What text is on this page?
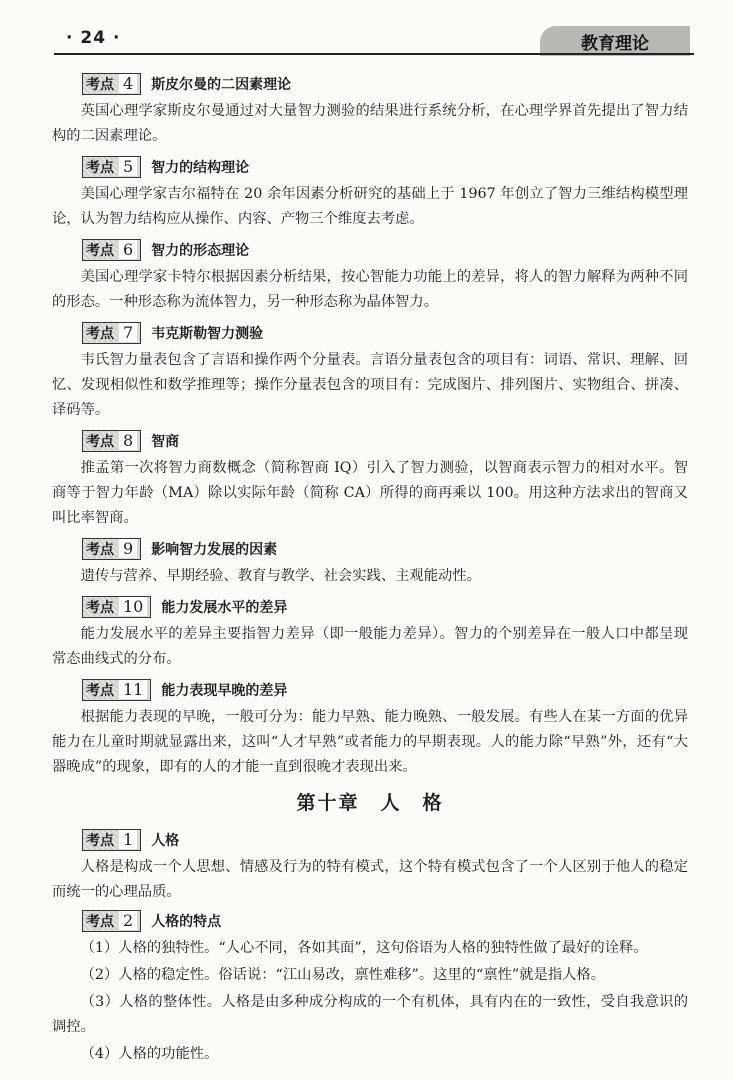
· 24 ·	教育理论
考点 4 斯皮尔曼的二因素理论

英国心理学家斯皮尔曼通过对大量智力测验的结果进行系统分析，在心理学界首先提出了智力结构的二因素理论。

考点 5 智力的结构理论

美国心理学家吉尔福特在 20 余年因素分析研究的基础上于 1967 年创立了智力三维结构模型理论，认为智力结构应从操作、内容、产物三个维度去考虑。

考点 6 智力的形态理论

美国心理学家卡特尔根据因素分析结果，按心智能力功能上的差异，将人的智力解释为两种不同的形态。一种形态称为流体智力，另一种形态称为晶体智力。

考点 7 韦克斯勒智力测验

韦氏智力量表包含了言语和操作两个分量表。言语分量表包含的项目有：词语、常识、理解、回忆、发现相似性和数学推理等；操作分量表包含的项目有：完成图片、排列图片、实物组合、拼凑、译码等。

考点 8 智商

推孟第一次将智力商数概念（简称智商 IQ）引入了智力测验，以智商表示智力的相对水平。智商等于智力年龄（MA）除以实际年龄（简称 CA）所得的商再乘以 100。用这种方法求出的智商又叫比率智商。

考点 9 影响智力发展的因素

遗传与营养、早期经验、教育与教学、社会实践、主观能动性。

考点 10 能力发展水平的差异

能力发展水平的差异主要指智力差异（即一般能力差异）。智力的个别差异在一般人口中都呈现常态曲线式的分布。

考点 11 能力表现早晚的差异

根据能力表现的早晚，一般可分为：能力早熟、能力晚熟、一般发展。有些人在某一方面的优异能力在儿童时期就显露出来，这叫“人才早熟”或者能力的早期表现。人的能力除“早熟”外，还有“大器晚成”的现象，即有的人的才能一直到很晚才表现出来。

第十章　人　格
考点 1 人格

人格是构成一个人思想、情感及行为的特有模式，这个特有模式包含了一个人区别于他人的稳定而统一的心理品质。

考点 2 人格的特点

（1）人格的独特性。“人心不同，各如其面”，这句俗语为人格的独特性做了最好的诠释。

（2）人格的稳定性。俗话说：“江山易改，禀性难移”。这里的“禀性”就是指人格。

（3）人格的整体性。人格是由多种成分构成的一个有机体，具有内在的一致性，受自我意识的调控。

（4）人格的功能性。
